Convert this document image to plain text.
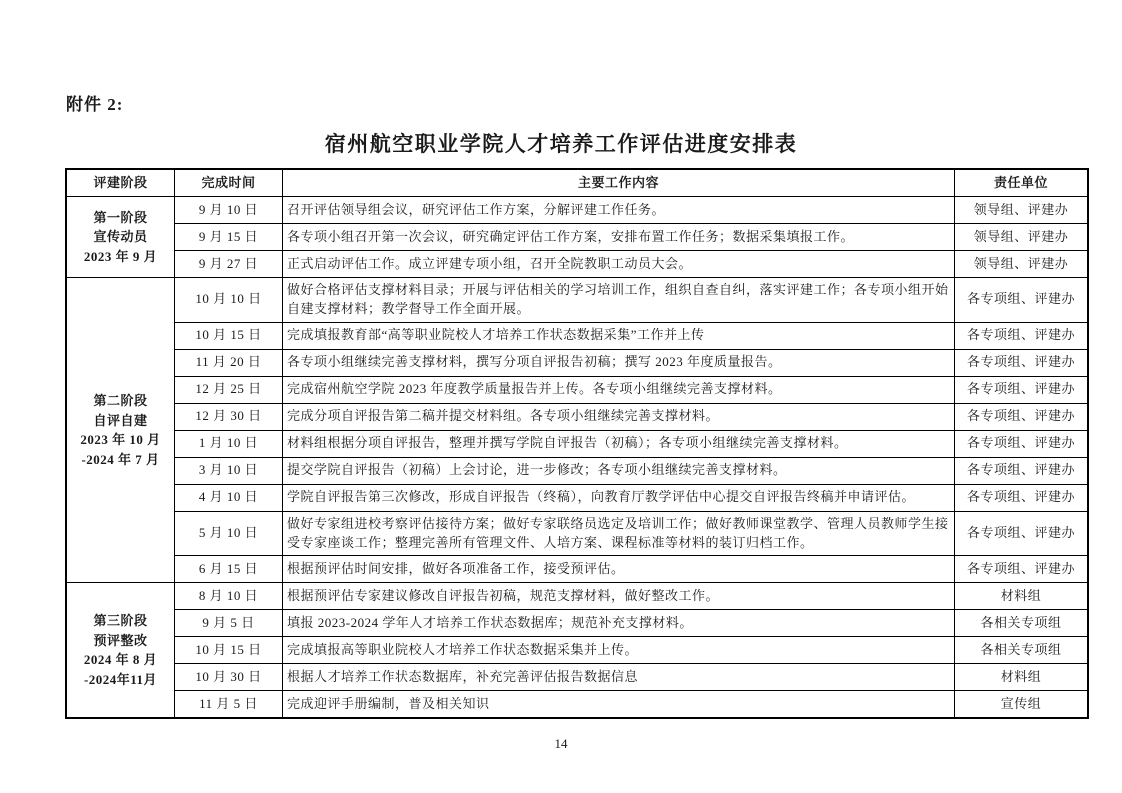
附件 2:
宿州航空职业学院人才培养工作评估进度安排表
评建阶段	完成时间	主要工作内容	责任单位

第一阶段
宣传动员
2023 年 9 月	9 月 10 日	召开评估领导组会议，研究评估工作方案，分解评建工作任务。	领导组、评建办
	9 月 15 日	各专项小组召开第一次会议，研究确定评估工作方案，安排布置工作任务；数据采集填报工作。	领导组、评建办
	9 月 27 日	正式启动评估工作。成立评建专项小组，召开全院教职工动员大会。	领导组、评建办

第二阶段
自评自建
2023 年 10 月
-2024 年 7 月	10 月 10 日	做好合格评估支撑材料目录；开展与评估相关的学习培训工作，组织自查自纠，落实评建工作；各专项小组开始自建支撑材料；教学督导工作全面开展。	各专项组、评建办
	10 月 15 日	完成填报教育部“高等职业院校人才培养工作状态数据采集”工作并上传	各专项组、评建办
	11 月 20 日	各专项小组继续完善支撑材料，撰写分项自评报告初稿；撰写 2023 年度质量报告。	各专项组、评建办
	12 月 25 日	完成宿州航空学院 2023 年度教学质量报告并上传。各专项小组继续完善支撑材料。	各专项组、评建办
	12 月 30 日	完成分项自评报告第二稿并提交材料组。各专项小组继续完善支撑材料。	各专项组、评建办
	1 月 10 日	材料组根据分项自评报告，整理并撰写学院自评报告（初稿）；各专项小组继续完善支撑材料。	各专项组、评建办
	3 月 10 日	提交学院自评报告（初稿）上会讨论，进一步修改；各专项小组继续完善支撑材料。	各专项组、评建办
	4 月 10 日	学院自评报告第三次修改，形成自评报告（终稿），向教育厅教学评估中心提交自评报告终稿并申请评估。	各专项组、评建办
	5 月 10 日	做好专家组进校考察评估接待方案；做好专家联络员选定及培训工作；做好教师课堂教学、管理人员教师学生接受专家座谈工作；整理完善所有管理文件、人培方案、课程标准等材料的装订归档工作。	各专项组、评建办
	6 月 15 日	根据预评估时间安排，做好各项准备工作，接受预评估。	各专项组、评建办

第三阶段
预评整改
2024 年 8 月
-2024年11月	8 月 10 日	根据预评估专家建议修改自评报告初稿，规范支撑材料，做好整改工作。	材料组
	9 月 5 日	填报 2023-2024 学年人才培养工作状态数据库；规范补充支撑材料。	各相关专项组
	10 月 15 日	完成填报高等职业院校人才培养工作状态数据采集并上传。	各相关专项组
	10 月 30 日	根据人才培养工作状态数据库，补充完善评估报告数据信息	材料组
	11 月 5 日	完成迎评手册编制，普及相关知识	宣传组
14
